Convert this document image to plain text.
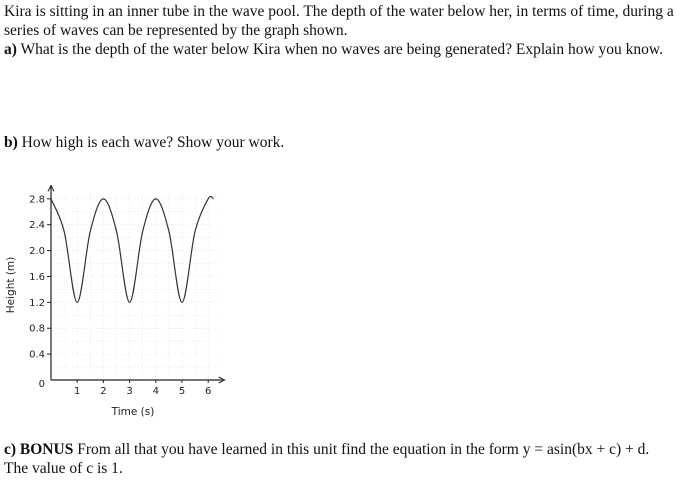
Kira is sitting in an inner tube in the wave pool. The depth of the water below her, in terms of time, during a series of waves can be represented by the graph shown.

a) What is the depth of the water below Kira when no waves are being generated? Explain how you know.

b) How high is each wave? Show your work.

0
0.4
0.8
1.2
1.6
2.0
2.4
2.8
1 2 3 4 5 6
Time (s)
Height (m)

c) BONUS From all that you have learned in this unit find the equation in the form y = asin(bx + c) + d.
The value of c is 1.
